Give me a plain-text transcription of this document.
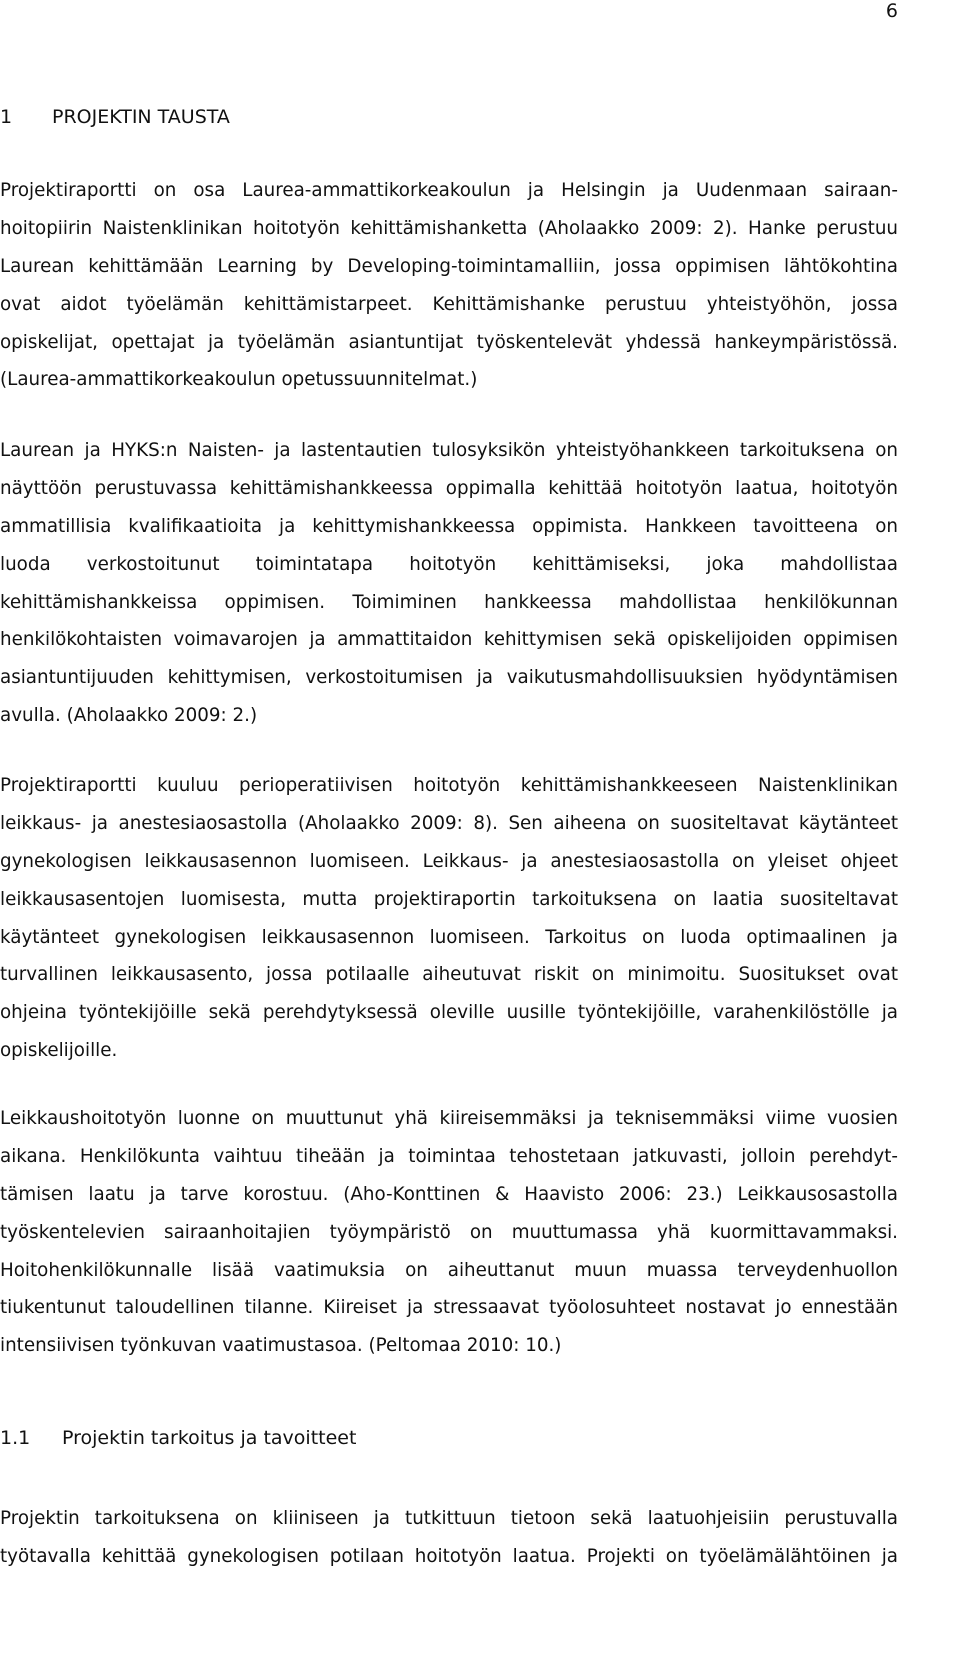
6
1 PROJEKTIN TAUSTA
Projektiraportti on osa Laurea-ammattikorkeakoulun ja Helsingin ja Uudenmaan sairaan-
hoitopiirin Naistenklinikan hoitotyön kehittämishanketta (Aholaakko 2009: 2). Hanke perustuu
Laurean kehittämään Learning by Developing-toimintamalliin, jossa oppimisen lähtökohtina
ovat aidot työelämän kehittämistarpeet. Kehittämishanke perustuu yhteistyöhön, jossa
opiskelijat, opettajat ja työelämän asiantuntijat työskentelevät yhdessä hankeympäristössä.
(Laurea-ammattikorkeakoulun opetussuunnitelmat.)
Laurean ja HYKS:n Naisten- ja lastentautien tulosyksikön yhteistyöhankkeen tarkoituksena on
näyttöön perustuvassa kehittämishankkeessa oppimalla kehittää hoitotyön laatua, hoitotyön
ammatillisia kvalifikaatioita ja kehittymishankkeessa oppimista. Hankkeen tavoitteena on
luoda verkostoitunut toimintatapa hoitotyön kehittämiseksi, joka mahdollistaa
kehittämishankkeissa oppimisen. Toimiminen hankkeessa mahdollistaa henkilökunnan
henkilökohtaisten voimavarojen ja ammattitaidon kehittymisen sekä opiskelijoiden oppimisen
asiantuntijuuden kehittymisen, verkostoitumisen ja vaikutusmahdollisuuksien hyödyntämisen
avulla. (Aholaakko 2009: 2.)
Projektiraportti kuuluu perioperatiivisen hoitotyön kehittämishankkeeseen Naistenklinikan
leikkaus- ja anestesiaosastolla (Aholaakko 2009: 8). Sen aiheena on suositeltavat käytänteet
gynekologisen leikkausasennon luomiseen. Leikkaus- ja anestesiaosastolla on yleiset ohjeet
leikkausasentojen luomisesta, mutta projektiraportin tarkoituksena on laatia suositeltavat
käytänteet gynekologisen leikkausasennon luomiseen. Tarkoitus on luoda optimaalinen ja
turvallinen leikkausasento, jossa potilaalle aiheutuvat riskit on minimoitu. Suositukset ovat
ohjeina työntekijöille sekä perehdytyksessä oleville uusille työntekijöille, varahenkilöstölle ja
opiskelijoille.
Leikkaushoitotyön luonne on muuttunut yhä kiireisemmäksi ja teknisemmäksi viime vuosien
aikana. Henkilökunta vaihtuu tiheään ja toimintaa tehostetaan jatkuvasti, jolloin perehdyt-
tämisen laatu ja tarve korostuu. (Aho-Konttinen & Haavisto 2006: 23.) Leikkausosastolla
työskentelevien sairaanhoitajien työympäristö on muuttumassa yhä kuormittavammaksi.
Hoitohenkilökunnalle lisää vaatimuksia on aiheuttanut muun muassa terveydenhuollon
tiukentunut taloudellinen tilanne. Kiireiset ja stressaavat työolosuhteet nostavat jo ennestään
intensiivisen työnkuvan vaatimustasoa. (Peltomaa 2010: 10.)
1.1 Projektin tarkoitus ja tavoitteet
Projektin tarkoituksena on kliiniseen ja tutkittuun tietoon sekä laatuohjeisiin perustuvalla
työtavalla kehittää gynekologisen potilaan hoitotyön laatua. Projekti on työelämälähtöinen ja
